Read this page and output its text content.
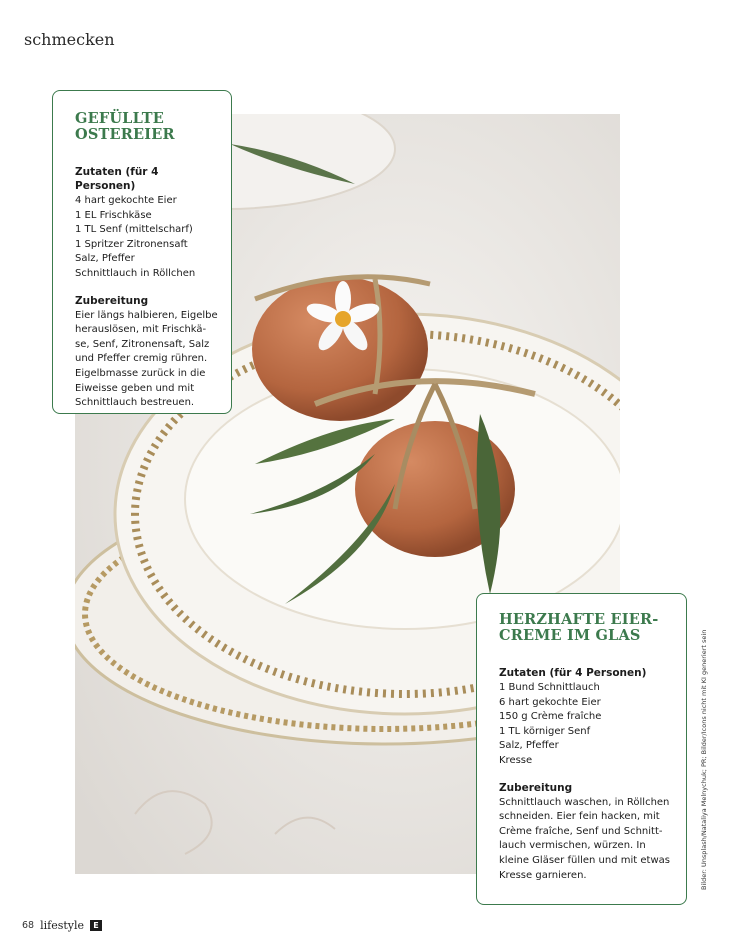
schmecken
GEFÜLLTE
OSTEREIER
Zutaten (für 4 Personen)
4 hart gekochte Eier
1 EL Frischkäse
1 TL Senf (mittelscharf)
1 Spritzer Zitronensaft
Salz, Pfeffer
Schnittlauch in Röllchen
Zubereitung
Eier längs halbieren, Eigelbe
herauslösen, mit Frischkä-
se, Senf, Zitronensaft, Salz
und Pfeffer cremig rühren.
Eigelbmasse zurück in die
Eiweisse geben und mit
Schnittlauch bestreuen.
HERZHAFTE EIER-
CREME IM GLAS
Zutaten (für 4 Personen)
1 Bund Schnittlauch
6 hart gekochte Eier
150 g Crème fraîche
1 TL körniger Senf
Salz, Pfeffer
Kresse
Zubereitung
Schnittlauch waschen, in Röllchen
schneiden. Eier fein hacken, mit
Crème fraîche, Senf und Schnitt-
lauch vermischen, würzen. In
kleine Gläser füllen und mit etwas
Kresse garnieren.	Bilder: Unsplash/Nataliya Melnychuk; PR; Bilder/Icons nicht mit KI generiert sein
68 lifestyle	E
